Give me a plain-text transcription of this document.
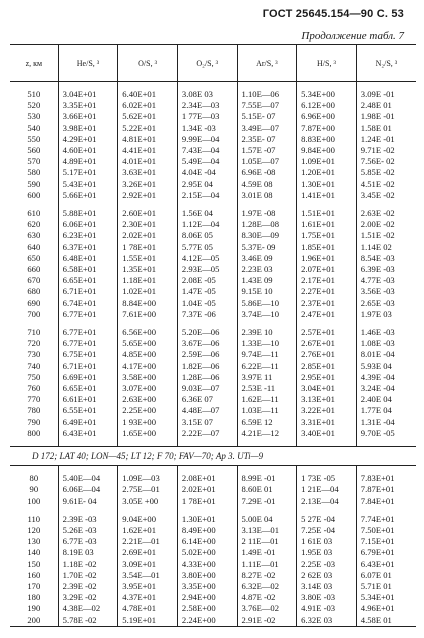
ГОСТ 25645.154—90 С. 53
Продолжение табл. 7
z, км	He/S, ³	O/S, ³	O₂/S, ³	Ar/S, ³	H/S, ³	N₂/S, ³

510	3.04E+01	6.40E+01	3.08E 03	1.10E—06	5.34E+00	3.09E -01
520	3.35E+01	6.02E+01	2.34E—03	7.55E—07	6.12E+00	2.48E 01
530	3.66E+01	5.62E+01	1 77E—03	5.15E- 07	6.96E+00	1.98E -01
540	3.98E+01	5.22E+01	1.34E -03	3.49E—07	7.87E+00	1.58E 01
550	4.29E+01	4.81E+01	9.99E—04	2.35E- 07	8.83E+00	1.24E -01
560	4.60E+01	4.41E+01	7.43E—04	1.57E -07	9.84E+00	9.71E -02
570	4.89E+01	4.01E+01	5.49E—04	1.05E—07	1.09E+01	7.56E- 02
580	5.17E+01	3.63E+01	4.04E -04	6.96E -08	1.20E+01	5.85E -02
590	5.43E+01	3.26E+01	2.95E 04	4.59E 08	1.30E+01	4.51E -02
600	5.66E+01	2.92E+01	2.15E—04	3.01E 08	1.41E+01	3.45E -02

610	5.88E+01	2.60E+01	1.56E 04	1.97E -08	1.51E+01	2.63E -02
620	6.06E+01	2.30E+01	1.12E—04	1.28E—08	1.61E+01	2.00E -02
630	6.23E+01	2.02E+01	8.06E 05	8.30E—09	1.75E+01	1.51E -02
640	6.37E+01	1 78E+01	5.77E 05	5.37E- 09	1.85E+01	1.14E 02
650	6.48E+01	1.55E+01	4.12E—05	3.46E 09	1.96E+01	8.54E -03
660	6.58E+01	1.35E+01	2.93E—05	2.23E 03	2.07E+01	6.39E -03
670	6.65E+01	1.18E+01	2.08E -05	1.43E 09	2.17E+01	4.77E -03
680	6.71E+01	1.02E+01	1.47E -05	9.15E 10	2.27E+01	3.56E -03
690	6.74E+01	8.84E+00	1.04E -05	5.86E—10	2.37E+01	2.65E -03
700	6.77E+01	7.61E+00	7.37E -06	3.74E—10	2.47E+01	1.97E 03

710	6.77E+01	6.56E+00	5.20E—06	2.39E 10	2.57E+01	1.46E -03
720	6.77E+01	5.65E+00	3.67E—06	1.33E—10	2.67E+01	1.08E -03
730	6.75E+01	4.85E+00	2.59E—06	9.74E—11	2.76E+01	8.01E -04
740	6.71E+01	4.17E+00	1.82E—06	6.22E—11	2.85E+01	5.93E 04
750	6.69E+01	3.58E+00	1.28E—06	3.97E 11	2.95E+01	4.39E -04
760	6.65E+01	3.07E+00	9.03E—07	2.53E -11	3.04E+01	3.24E -04
770	6.61E+01	2.63E+00	6.36E 07	1.62E—11	3.13E+01	2.40E 04
780	6.55E+01	2.25E+00	4.48E—07	1.03E—11	3.22E+01	1.77E 04
790	6.49E+01	1 93E+00	3.15E 07	6.59E 12	3.31E+01	1.31E -04
800	6.43E+01	1.65E+00	2.22E—07	4.21E—12	3.40E+01	9.70E -05

D 172; LAT 40; LON—45; LT 12; F 70; FAV—70; Ap 3. UTi—9						

80	5.40E—04	1.09E—03	2.08E+01	8.99E -01	1 73E -05	7.83E+01
90	6.06E—04	2.75E—01	2.02E+01	8.60E 01	1 21E—04	7.87E+01
100	9.61E- 04	3.05E +00	1 78E+01	7.29E -01	2.13E—04	7.84E+01

110	2.39E -03	9.04E+00	1.30E+01	5.00E 04	5 27E -04	7.74E+01
120	5.26E -03	1.62E+01	8.49E+00	3.13E—01	7.25E -04	7.50E+01
130	6.77E -03	2.21E—01	6.14E+00	2 11E—01	1 61E 03	7.15E+01
140	8.19E 03	2.69E+01	5.02E+00	1.49E -01	1.95E 03	6.79E+01
150	1.18E -02	3.09E+01	4.33E+00	1.11E—01	2.25E -03	6.43E+01
160	1.70E -02	3.54E—01	3.80E+00	8.27E -02	2 62E 03	6.07E 01
170	2.39E -02	3.95E+01	3.35E+00	6.32E—02	3.14E 03	5.71E 01
180	3.29E -02	4.37E+01	2.94E+00	4.87E -02	3.80E -03	5.34E+01
190	4.38E—02	4.78E+01	2.58E+00	3.76E—02	4.91E -03	4.96E+01
200	5.78E -02	5.19E+01	2.24E+00	2.91E -02	6.32E 03	4.58E 01
